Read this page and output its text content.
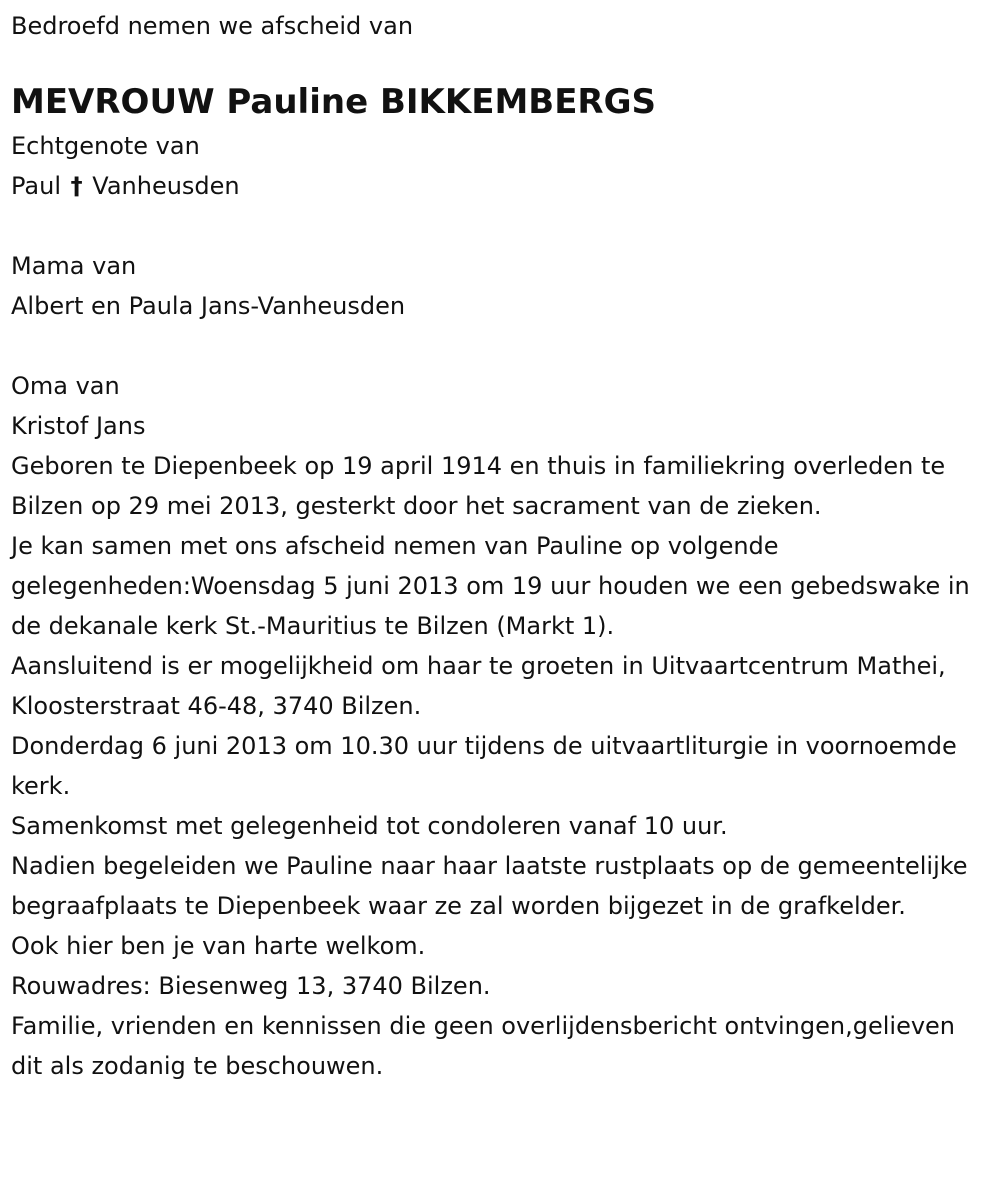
Bedroefd nemen we afscheid van
MEVROUW Pauline BIKKEMBERGS
Echtgenote van
Paul † Vanheusden
Mama van
Albert en Paula Jans-Vanheusden
Oma van
Kristof Jans

Geboren te Diepenbeek op 19 april 1914 en thuis in familiekring overleden te Bilzen op 29 mei 2013, gesterkt door het sacrament van de zieken.

Je kan samen met ons afscheid nemen van Pauline op volgende gelegenheden:Woensdag 5 juni 2013 om 19 uur houden we een gebedswake in de dekanale kerk St.-Mauritius te Bilzen (Markt 1).

Aansluitend is er mogelijkheid om haar te groeten in Uitvaartcentrum Mathei, Kloosterstraat 46-48, 3740 Bilzen.

Donderdag 6 juni 2013 om 10.30 uur tijdens de uitvaartliturgie in voornoemde kerk.

Samenkomst met gelegenheid tot condoleren vanaf 10 uur.

Nadien begeleiden we Pauline naar haar laatste rustplaats op de gemeentelijke begraafplaats te Diepenbeek waar ze zal worden bijgezet in de grafkelder.

Ook hier ben je van harte welkom.

Rouwadres: Biesenweg 13, 3740 Bilzen.

Familie, vrienden en kennissen die geen overlijdensbericht ontvingen,gelieven dit als zodanig te beschouwen.
